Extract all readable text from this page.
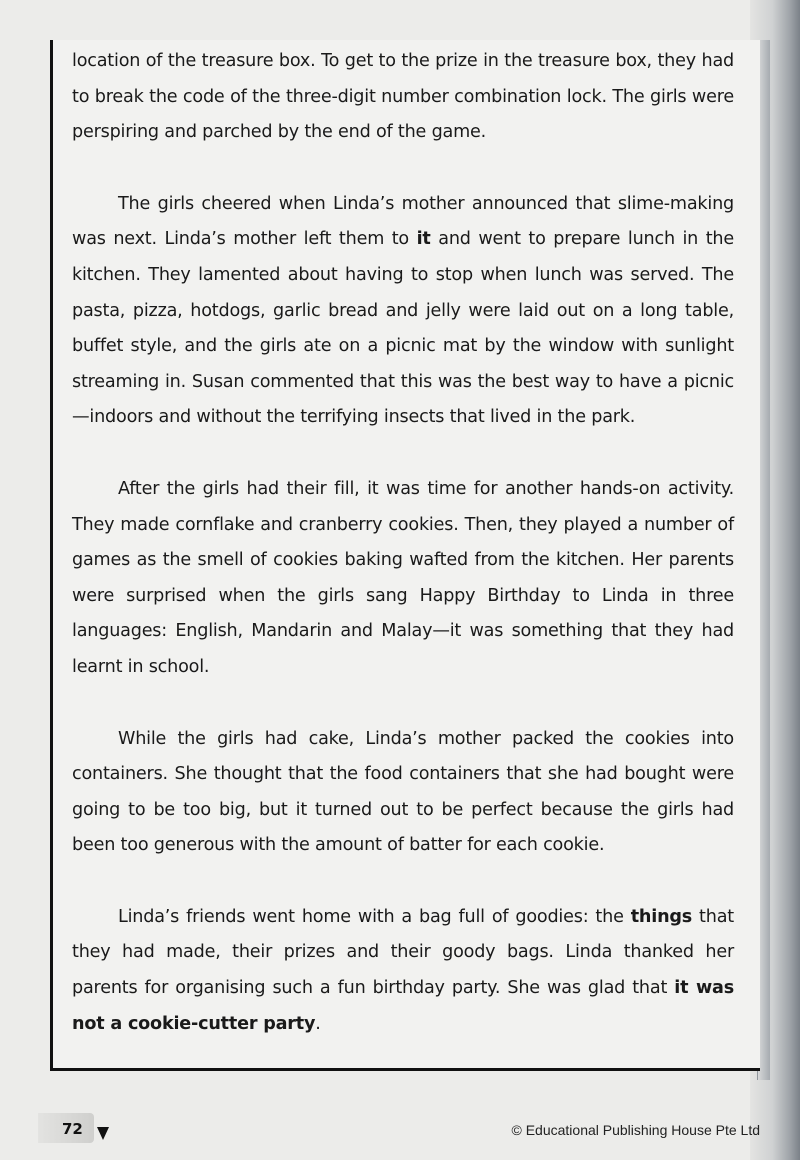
location of the treasure box. To get to the prize in the treasure box, they had to break the code of the three-digit number combination lock. The girls were perspiring and parched by the end of the game.

The girls cheered when Linda’s mother announced that slime-making was next. Linda’s mother left them to it and went to prepare lunch in the kitchen. They lamented about having to stop when lunch was served. The pasta, pizza, hotdogs, garlic bread and jelly were laid out on a long table, buffet style, and the girls ate on a picnic mat by the window with sunlight streaming in. Susan commented that this was the best way to have a picnic—indoors and without the terrifying insects that lived in the park.

After the girls had their fill, it was time for another hands-on activity. They made cornflake and cranberry cookies. Then, they played a number of games as the smell of cookies baking wafted from the kitchen. Her parents were surprised when the girls sang Happy Birthday to Linda in three languages: English, Mandarin and Malay—it was something that they had learnt in school.

While the girls had cake, Linda’s mother packed the cookies into containers. She thought that the food containers that she had bought were going to be too big, but it turned out to be perfect because the girls had been too generous with the amount of batter for each cookie.

Linda’s friends went home with a bag full of goodies: the things that they had made, their prizes and their goody bags. Linda thanked her parents for organising such a fun birthday party. She was glad that it was not a cookie-cutter party.

72	© Educational Publishing House Pte Ltd
